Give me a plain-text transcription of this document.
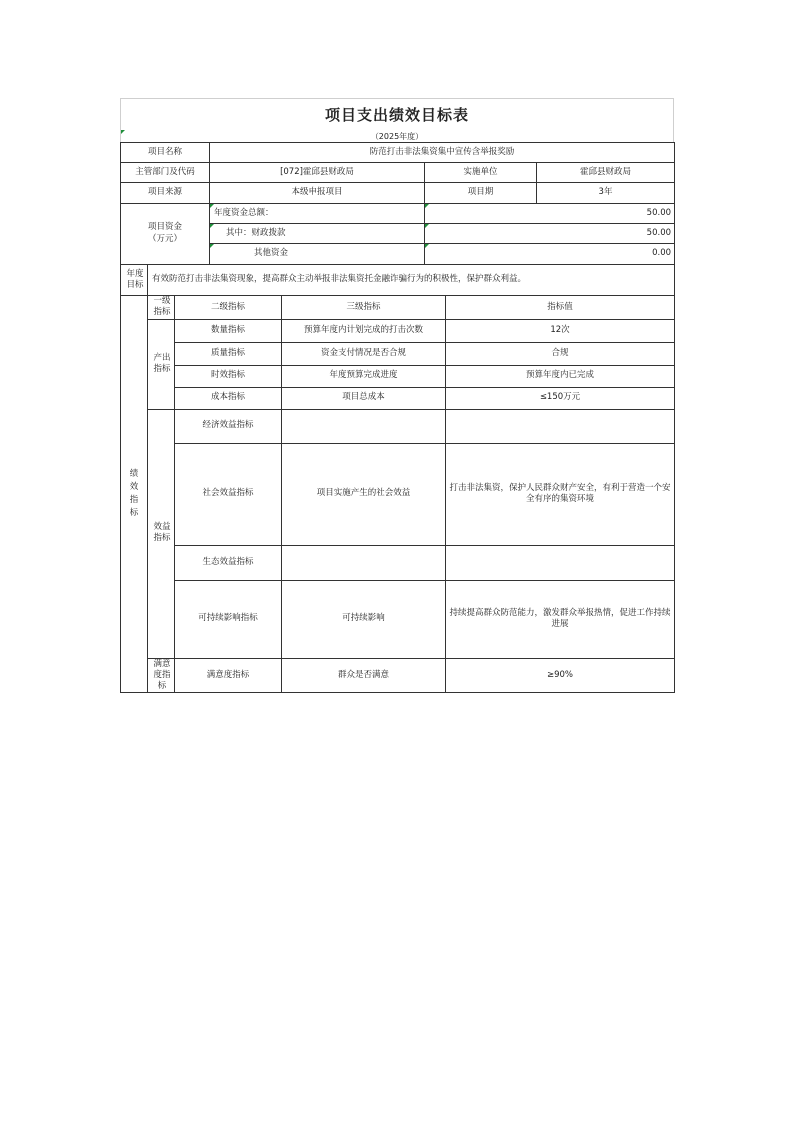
项目支出绩效目标表
（2025年度）
项目名称	防范打击非法集资集中宣传含举报奖励		
主管部门及代码	[072]霍邱县财政局	实施单位	霍邱县财政局
项目来源	本级申报项目	项目期	3年
项目资金（万元）	年度资金总额：	50.00	

其中：财政拨款	50.00	

其他资金	0.00	
年度目标	有效防范打击非法集资现象，提高群众主动举报非法集资托金融诈骗行为的积极性，保护群众利益。			
绩效指标	一级指标	二级指标	三级指标	指标值
	产出指标	数量指标	预算年度内计划完成的打击次数	12次
		质量指标	资金支付情况是否合规	合规
		时效指标	年度预算完成进度	预算年度内已完成
		成本指标	项目总成本	≤150万元
	效益指标	经济效益指标		
		社会效益指标	项目实施产生的社会效益	打击非法集资，保护人民群众财产安全，有利于营造一个安全有序的集资环境
		生态效益指标		
		可持续影响指标	可持续影响	持续提高群众防范能力，激发群众举报热情，促进工作持续进展
	满意度指标	满意度指标	群众是否满意	≥90%
